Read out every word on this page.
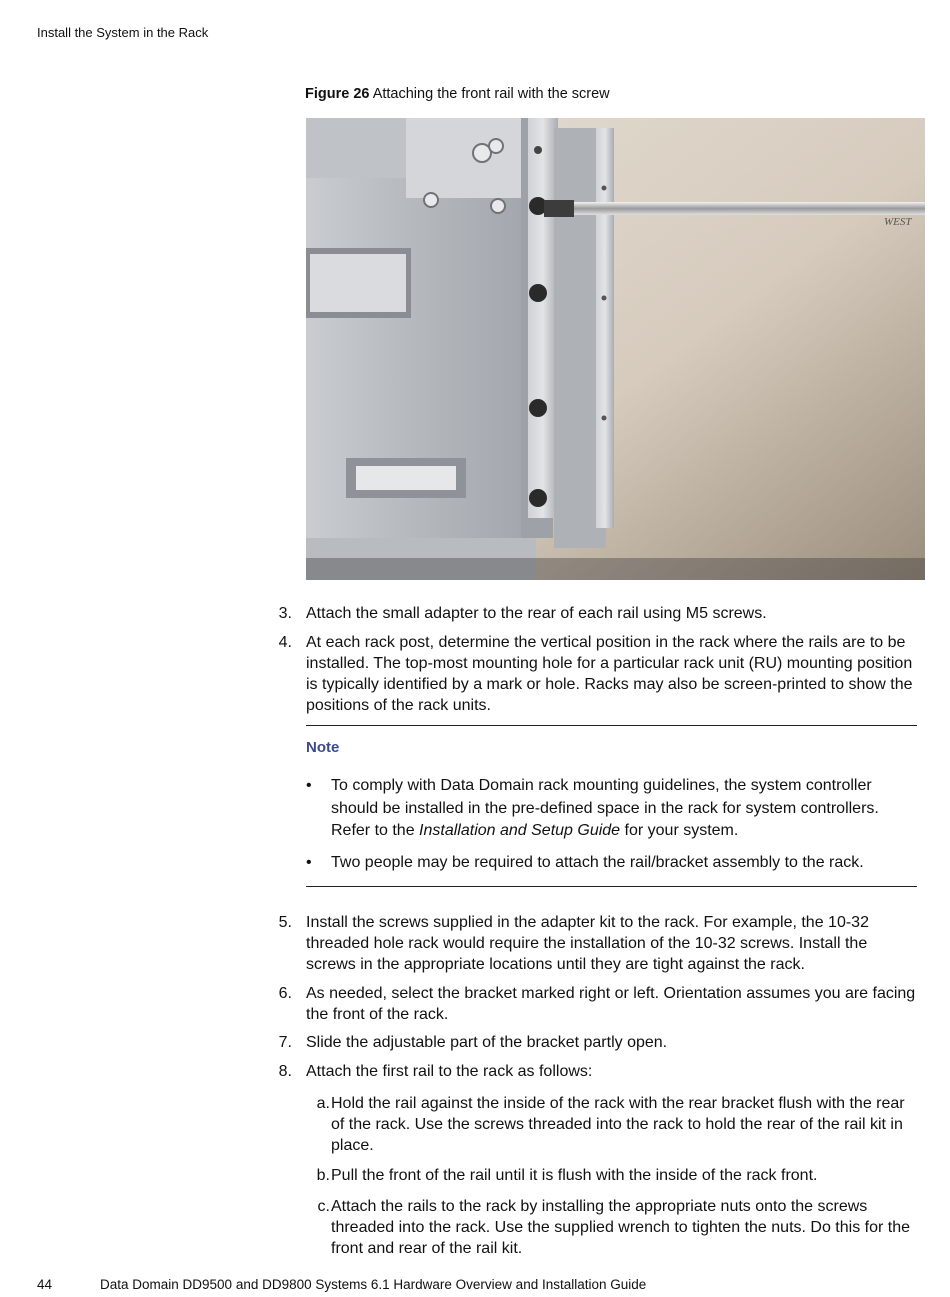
Install the System in the Rack
Figure 26 Attaching the front rail with the screw
WEST
3. Attach the small adapter to the rear of each rail using M5 screws.
4. At each rack post, determine the vertical position in the rack where the rails are to be installed. The top-most mounting hole for a particular rack unit (RU) mounting position is typically identified by a mark or hole. Racks may also be screen-printed to show the positions of the rack units.
Note
•	To comply with Data Domain rack mounting guidelines, the system controller should be installed in the pre-defined space in the rack for system controllers. Refer to the Installation and Setup Guide for your system.
•	Two people may be required to attach the rail/bracket assembly to the rack.
5. Install the screws supplied in the adapter kit to the rack. For example, the 10-32 threaded hole rack would require the installation of the 10-32 screws. Install the screws in the appropriate locations until they are tight against the rack.
6. As needed, select the bracket marked right or left. Orientation assumes you are facing the front of the rack.
7. Slide the adjustable part of the bracket partly open.
8. Attach the first rail to the rack as follows:
a. Hold the rail against the inside of the rack with the rear bracket flush with the rear of the rack. Use the screws threaded into the rack to hold the rear of the rail kit in place.
b. Pull the front of the rail until it is flush with the inside of the rack front.
c. Attach the rails to the rack by installing the appropriate nuts onto the screws threaded into the rack. Use the supplied wrench to tighten the nuts. Do this for the front and rear of the rail kit.
44	Data Domain DD9500 and DD9800 Systems 6.1 Hardware Overview and Installation Guide
